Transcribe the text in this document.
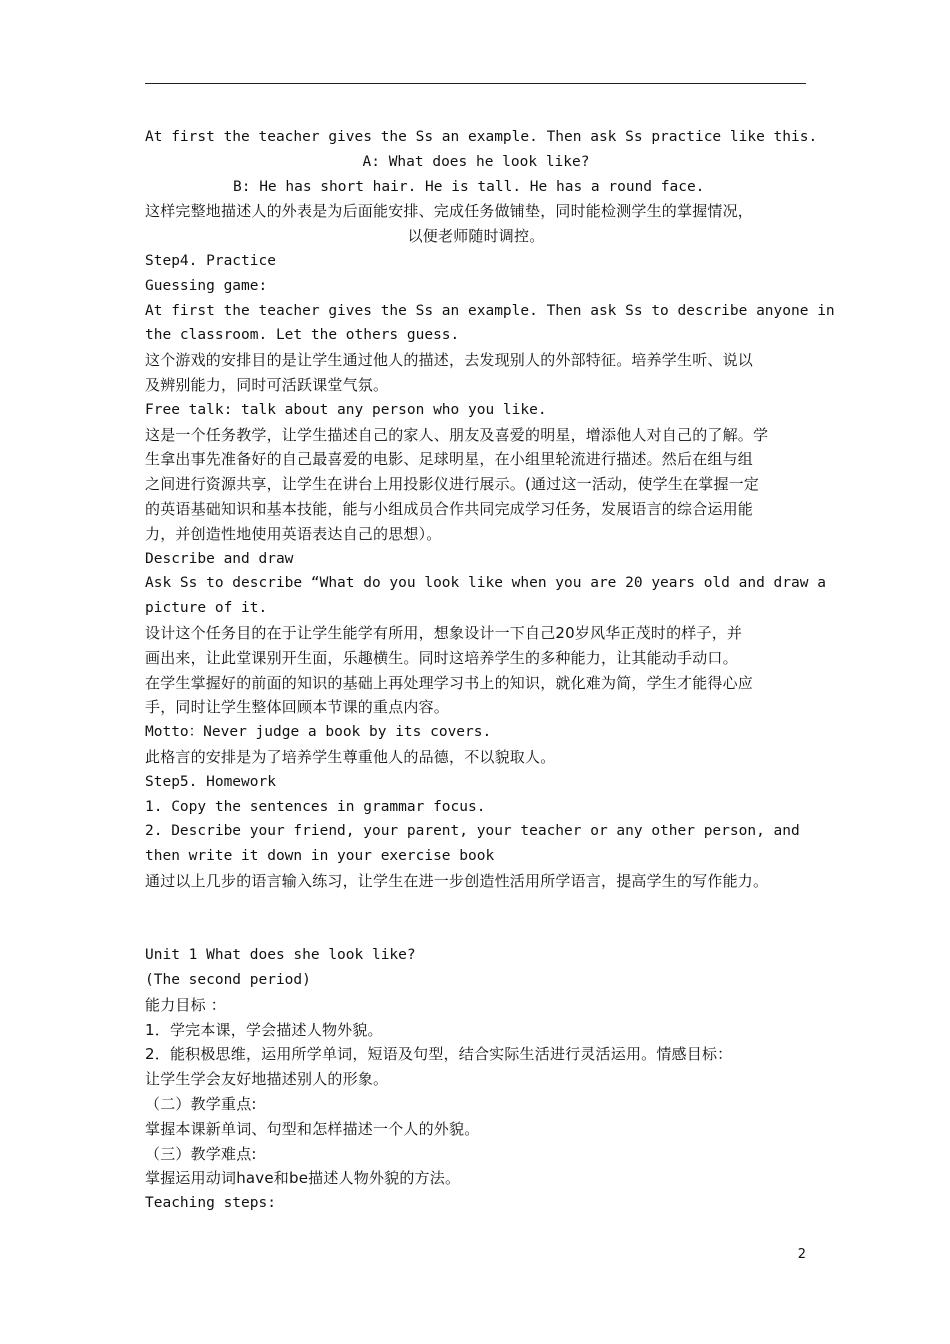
At first the teacher gives the Ss an example. Then ask Ss practice like this.
A: What does he look like?
B: He has short hair. He is tall. He has a round face.
这样完整地描述人的外表是为后面能安排、完成任务做铺垫，同时能检测学生的掌握情况，
以便老师随时调控。
Step4. Practice
Guessing game:
At first the teacher gives the Ss an example. Then ask Ss to describe anyone in
the classroom. Let the others guess.
这个游戏的安排目的是让学生通过他人的描述，去发现别人的外部特征。培养学生听、说以
及辨别能力，同时可活跃课堂气氛。
Free talk: talk about any person who you like.
这是一个任务教学，让学生描述自己的家人、朋友及喜爱的明星，增添他人对自己的了解。学
生拿出事先准备好的自己最喜爱的电影、足球明星，在小组里轮流进行描述。然后在组与组
之间进行资源共享，让学生在讲台上用投影仪进行展示。(通过这一活动，使学生在掌握一定
的英语基础知识和基本技能，能与小组成员合作共同完成学习任务，发展语言的综合运用能
力，并创造性地使用英语表达自己的思想）。
Describe and draw
Ask Ss to describe “What do you look like when you are 20 years old and draw a
picture of it.
设计这个任务目的在于让学生能学有所用，想象设计一下自己20岁风华正茂时的样子，并
画出来，让此堂课别开生面，乐趣横生。同时这培养学生的多种能力，让其能动手动口。
在学生掌握好的前面的知识的基础上再处理学习书上的知识，就化难为简，学生才能得心应
手，同时让学生整体回顾本节课的重点内容。
Motto：Never judge a book by its covers.
此格言的安排是为了培养学生尊重他人的品德，不以貌取人。
Step5. Homework
1. Copy the sentences in grammar focus.
2. Describe your friend, your parent, your teacher or any other person, and
then write it down in your exercise book
通过以上几步的语言输入练习，让学生在进一步创造性活用所学语言，提高学生的写作能力。
Unit 1 What does she look like?
(The second period)
能力目标 ：
1．学完本课，学会描述人物外貌。
2．能积极思维，运用所学单词，短语及句型，结合实际生活进行灵活运用。情感目标：
让学生学会友好地描述别人的形象。
（二）教学重点:
掌握本课新单词、句型和怎样描述一个人的外貌。
（三）教学难点:
掌握运用动词have和be描述人物外貌的方法。
Teaching steps:
2
